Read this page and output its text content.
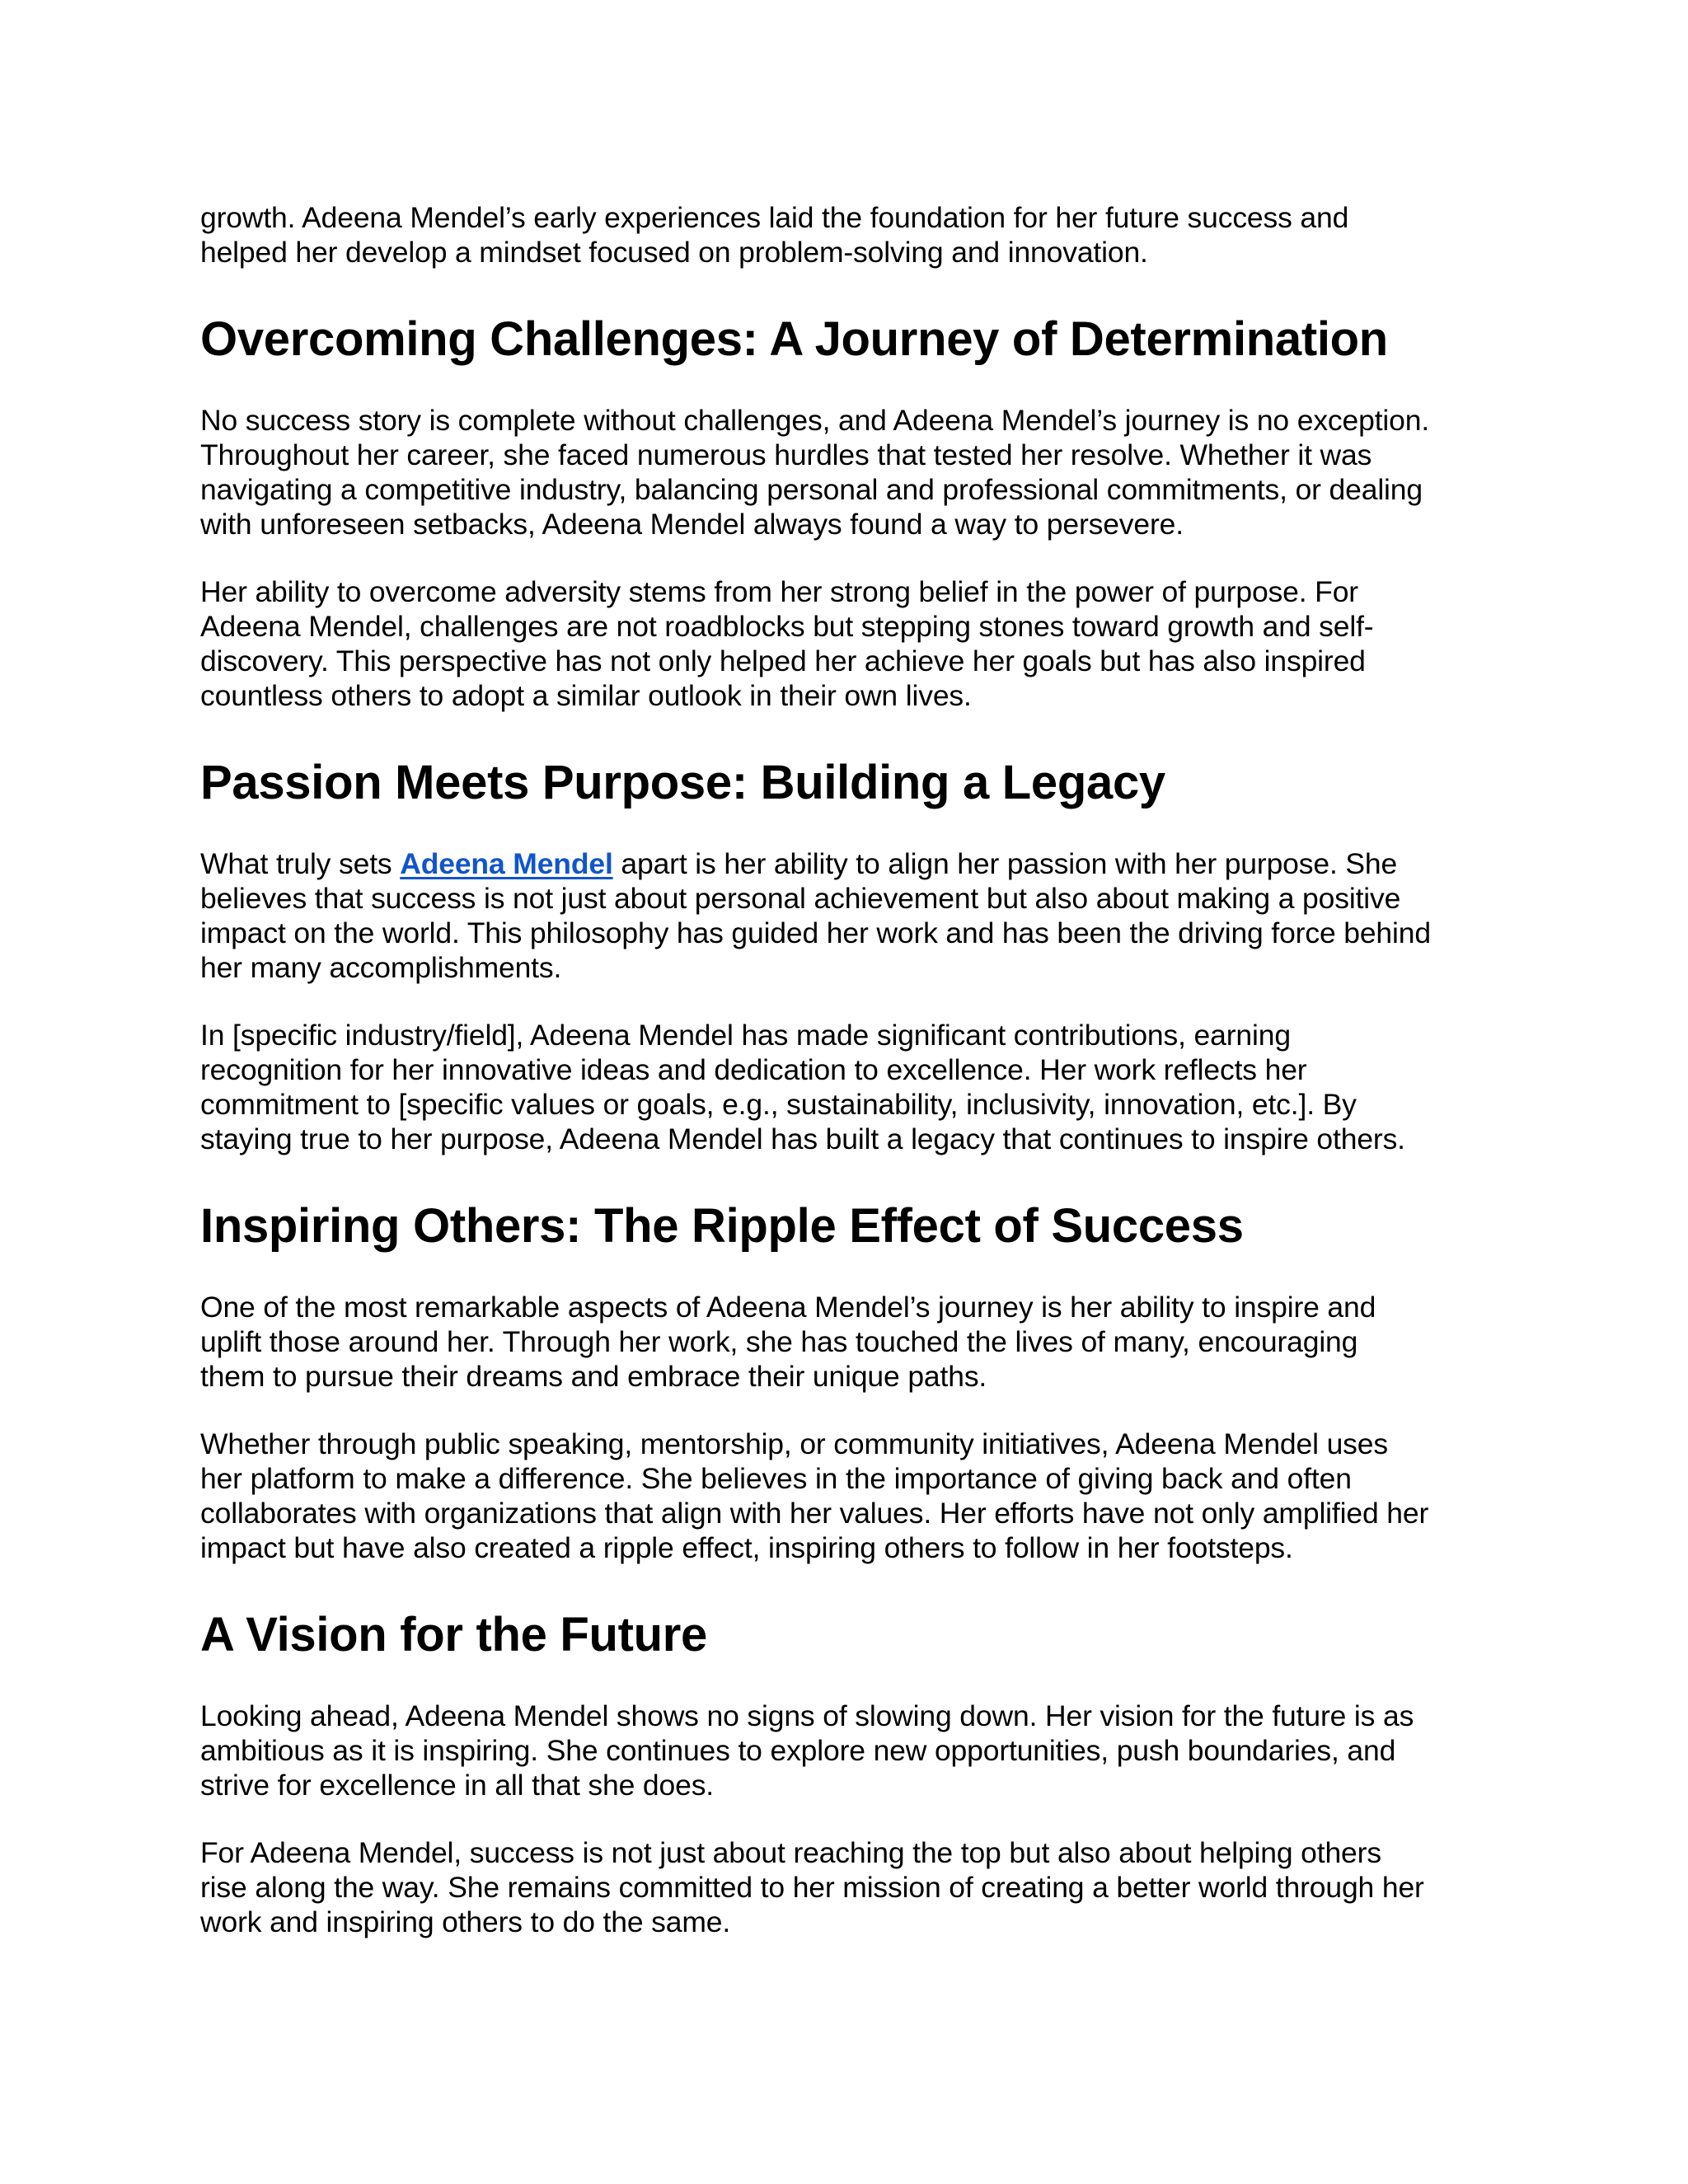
growth. Adeena Mendel’s early experiences laid the foundation for her future success and
helped her develop a mindset focused on problem-solving and innovation.

Overcoming Challenges: A Journey of Determination

No success story is complete without challenges, and Adeena Mendel’s journey is no exception.
Throughout her career, she faced numerous hurdles that tested her resolve. Whether it was
navigating a competitive industry, balancing personal and professional commitments, or dealing
with unforeseen setbacks, Adeena Mendel always found a way to persevere.

Her ability to overcome adversity stems from her strong belief in the power of purpose. For
Adeena Mendel, challenges are not roadblocks but stepping stones toward growth and self-
discovery. This perspective has not only helped her achieve her goals but has also inspired
countless others to adopt a similar outlook in their own lives.

Passion Meets Purpose: Building a Legacy

What truly sets Adeena Mendel apart is her ability to align her passion with her purpose. She
believes that success is not just about personal achievement but also about making a positive
impact on the world. This philosophy has guided her work and has been the driving force behind
her many accomplishments.

In [specific industry/field], Adeena Mendel has made significant contributions, earning
recognition for her innovative ideas and dedication to excellence. Her work reflects her
commitment to [specific values or goals, e.g., sustainability, inclusivity, innovation, etc.]. By
staying true to her purpose, Adeena Mendel has built a legacy that continues to inspire others.

Inspiring Others: The Ripple Effect of Success

One of the most remarkable aspects of Adeena Mendel’s journey is her ability to inspire and
uplift those around her. Through her work, she has touched the lives of many, encouraging
them to pursue their dreams and embrace their unique paths.

Whether through public speaking, mentorship, or community initiatives, Adeena Mendel uses
her platform to make a difference. She believes in the importance of giving back and often
collaborates with organizations that align with her values. Her efforts have not only amplified her
impact but have also created a ripple effect, inspiring others to follow in her footsteps.

A Vision for the Future

Looking ahead, Adeena Mendel shows no signs of slowing down. Her vision for the future is as
ambitious as it is inspiring. She continues to explore new opportunities, push boundaries, and
strive for excellence in all that she does.

For Adeena Mendel, success is not just about reaching the top but also about helping others
rise along the way. She remains committed to her mission of creating a better world through her
work and inspiring others to do the same.
